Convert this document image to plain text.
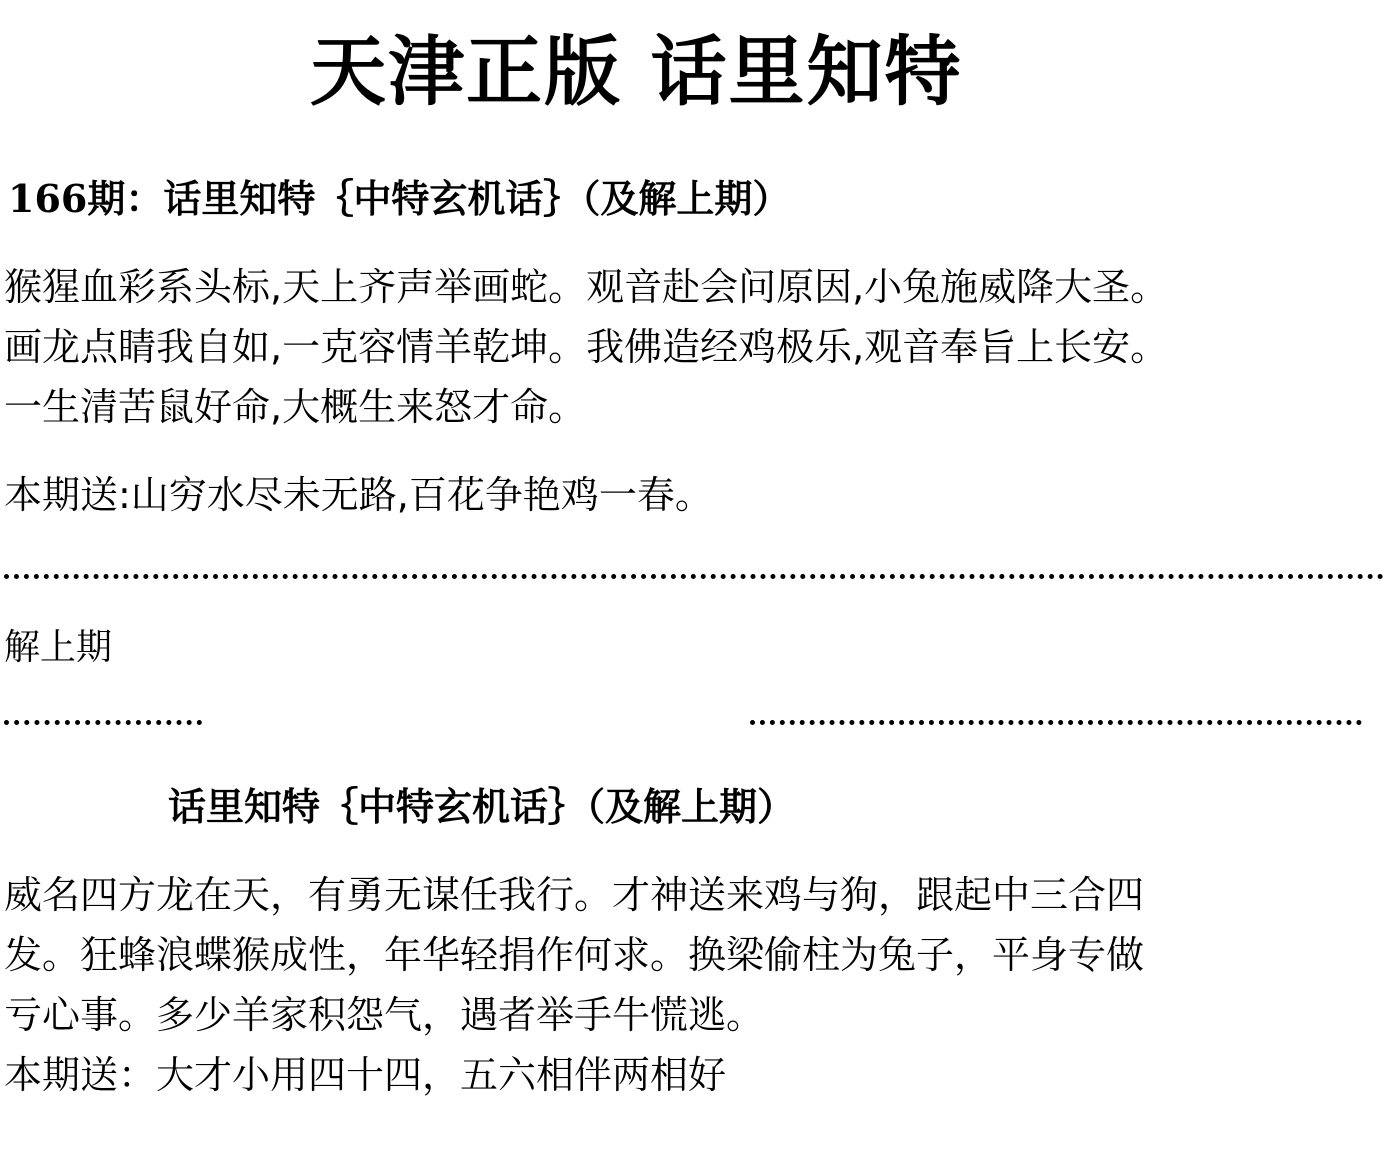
天津正版 话里知特
166期：话里知特｛中特玄机话｝（及解上期）
猴猩血彩系头标,天上齐声举画蛇。观音赴会问原因,小兔施威降大圣。
画龙点睛我自如,一克容情羊乾坤。我佛造经鸡极乐,观音奉旨上长安。
一生清苦鼠好命,大概生来怒才命。
本期送:山穷水尽未无路,百花争艳鸡一春。
解上期
话里知特｛中特玄机话｝（及解上期）
威名四方龙在天，有勇无谋任我行。才神送来鸡与狗，跟起中三合四
发。狂蜂浪蝶猴成性，年华轻捐作何求。换梁偷柱为兔子，平身专做
亏心事。多少羊家积怨气，遇者举手牛慌逃。
本期送：大才小用四十四，五六相伴两相好
